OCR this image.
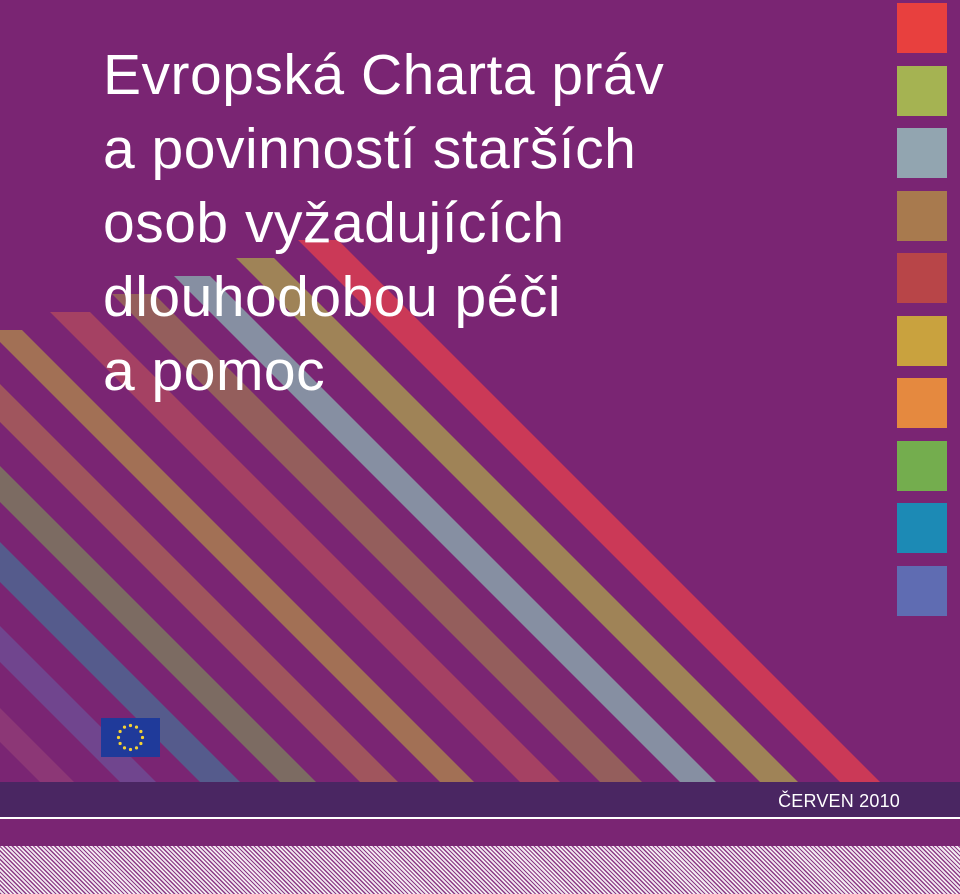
Evropská Charta práv
a povinností starších
osob vyžadujících
dlouhodobou péči
a pomoc
ČERVEN 2010
